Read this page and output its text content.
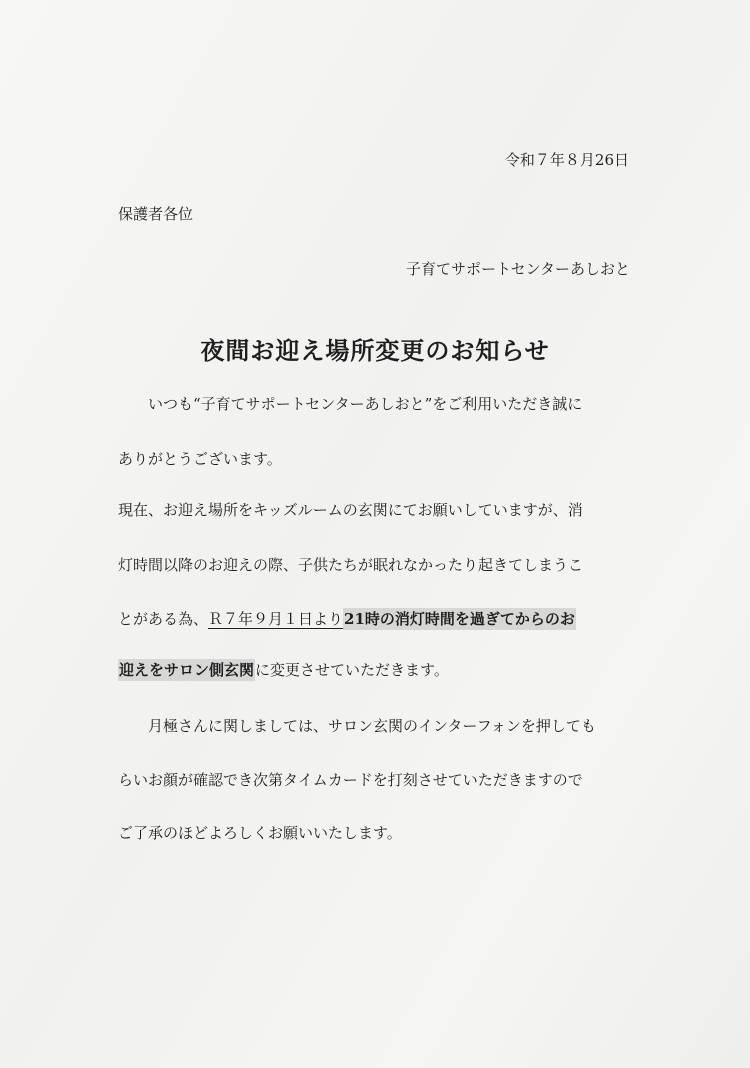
令和７年８月26日
保護者各位
子育てサポートセンターあしおと
夜間お迎え場所変更のお知らせ
いつも“子育てサポートセンターあしおと”をご利用いただき誠に
ありがとうございます。
現在、お迎え場所をキッズルームの玄関にてお願いしていますが、消
灯時間以降のお迎えの際、子供たちが眠れなかったり起きてしまうこ
とがある為、Ｒ７年９月１日より21時の消灯時間を過ぎてからのお
迎えをサロン側玄関に変更させていただきます。
月極さんに関しましては、サロン玄関のインターフォンを押しても
らいお顔が確認でき次第タイムカードを打刻させていただきますので
ご了承のほどよろしくお願いいたします。
